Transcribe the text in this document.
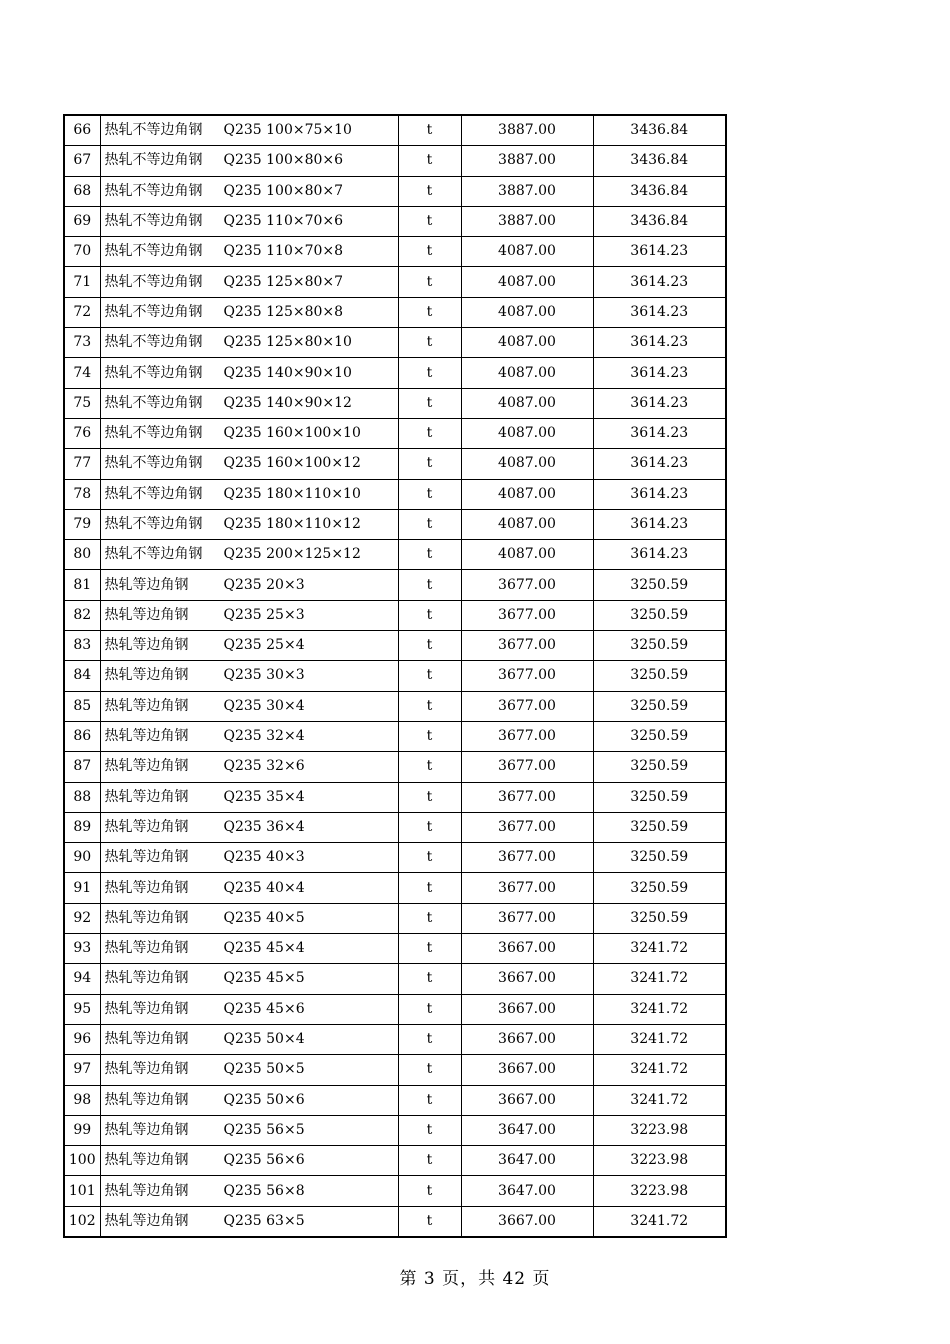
66	热轧不等边角钢 Q235 100×75×10	t	3887.00	3436.84
67	热轧不等边角钢 Q235 100×80×6	t	3887.00	3436.84
68	热轧不等边角钢 Q235 100×80×7	t	3887.00	3436.84
69	热轧不等边角钢 Q235 110×70×6	t	3887.00	3436.84
70	热轧不等边角钢 Q235 110×70×8	t	4087.00	3614.23
71	热轧不等边角钢 Q235 125×80×7	t	4087.00	3614.23
72	热轧不等边角钢 Q235 125×80×8	t	4087.00	3614.23
73	热轧不等边角钢 Q235 125×80×10	t	4087.00	3614.23
74	热轧不等边角钢 Q235 140×90×10	t	4087.00	3614.23
75	热轧不等边角钢 Q235 140×90×12	t	4087.00	3614.23
76	热轧不等边角钢 Q235 160×100×10	t	4087.00	3614.23
77	热轧不等边角钢 Q235 160×100×12	t	4087.00	3614.23
78	热轧不等边角钢 Q235 180×110×10	t	4087.00	3614.23
79	热轧不等边角钢 Q235 180×110×12	t	4087.00	3614.23
80	热轧不等边角钢 Q235 200×125×12	t	4087.00	3614.23
81	热轧等边角钢 Q235 20×3	t	3677.00	3250.59
82	热轧等边角钢 Q235 25×3	t	3677.00	3250.59
83	热轧等边角钢 Q235 25×4	t	3677.00	3250.59
84	热轧等边角钢 Q235 30×3	t	3677.00	3250.59
85	热轧等边角钢 Q235 30×4	t	3677.00	3250.59
86	热轧等边角钢 Q235 32×4	t	3677.00	3250.59
87	热轧等边角钢 Q235 32×6	t	3677.00	3250.59
88	热轧等边角钢 Q235 35×4	t	3677.00	3250.59
89	热轧等边角钢 Q235 36×4	t	3677.00	3250.59
90	热轧等边角钢 Q235 40×3	t	3677.00	3250.59
91	热轧等边角钢 Q235 40×4	t	3677.00	3250.59
92	热轧等边角钢 Q235 40×5	t	3677.00	3250.59
93	热轧等边角钢 Q235 45×4	t	3667.00	3241.72
94	热轧等边角钢 Q235 45×5	t	3667.00	3241.72
95	热轧等边角钢 Q235 45×6	t	3667.00	3241.72
96	热轧等边角钢 Q235 50×4	t	3667.00	3241.72
97	热轧等边角钢 Q235 50×5	t	3667.00	3241.72
98	热轧等边角钢 Q235 50×6	t	3667.00	3241.72
99	热轧等边角钢 Q235 56×5	t	3647.00	3223.98
100	热轧等边角钢 Q235 56×6	t	3647.00	3223.98
101	热轧等边角钢 Q235 56×8	t	3647.00	3223.98
102	热轧等边角钢 Q235 63×5	t	3667.00	3241.72
第 3 页，共 42 页
